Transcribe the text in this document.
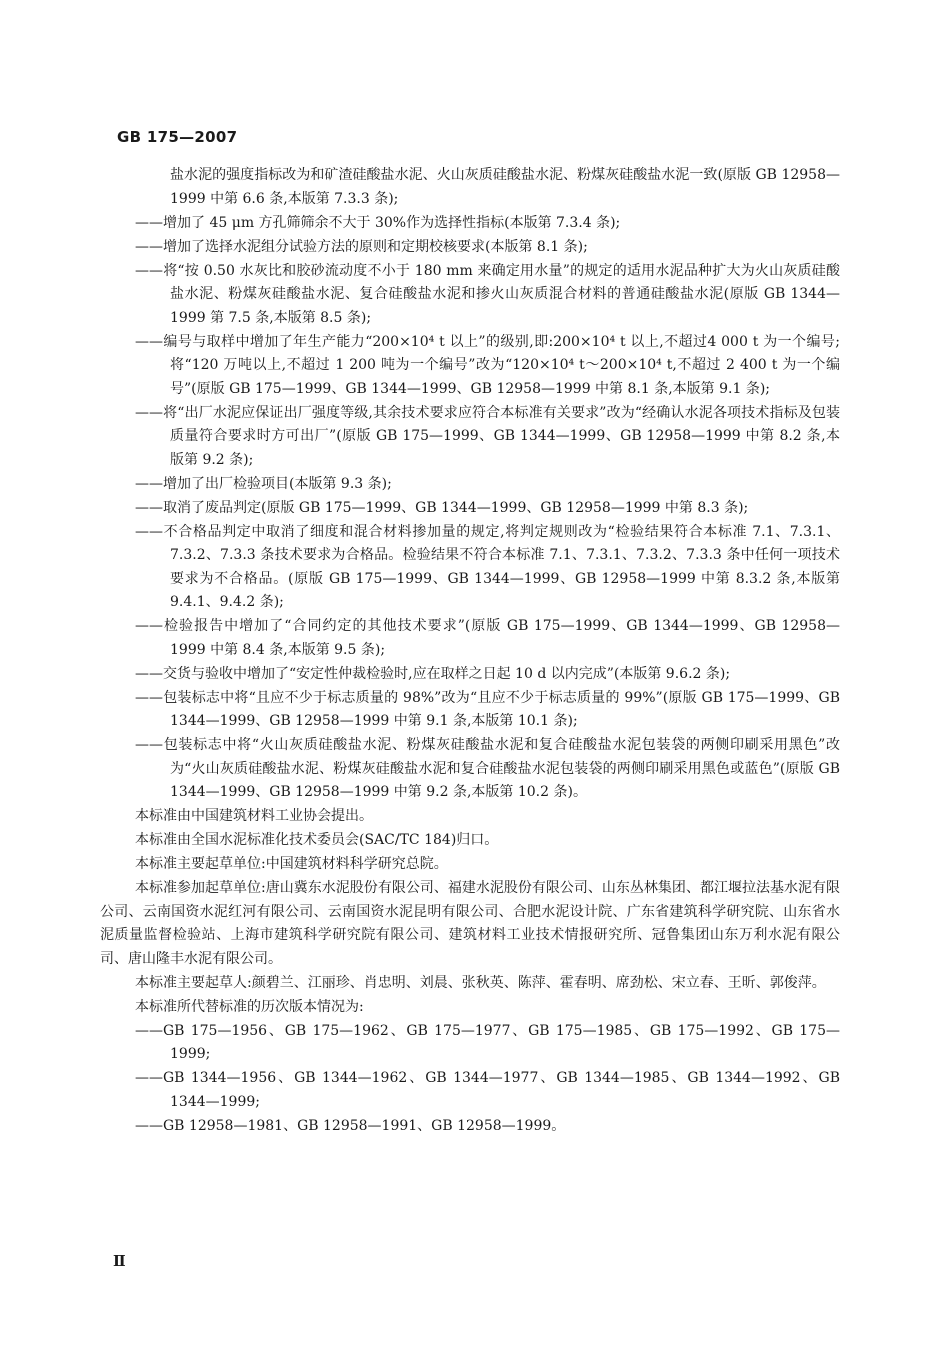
GB 175—2007
盐水泥的强度指标改为和矿渣硅酸盐水泥、火山灰质硅酸盐水泥、粉煤灰硅酸盐水泥一致(原版 GB 12958—1999 中第 6.6 条,本版第 7.3.3 条);
——增加了 45 μm 方孔筛筛余不大于 30%作为选择性指标(本版第 7.3.4 条);
——增加了选择水泥组分试验方法的原则和定期校核要求(本版第 8.1 条);
——将“按 0.50 水灰比和胶砂流动度不小于 180 mm 来确定用水量”的规定的适用水泥品种扩大为火山灰质硅酸盐水泥、粉煤灰硅酸盐水泥、复合硅酸盐水泥和掺火山灰质混合材料的普通硅酸盐水泥(原版 GB 1344—1999 第 7.5 条,本版第 8.5 条);
——编号与取样中增加了年生产能力“200×10⁴ t 以上”的级别,即:200×10⁴ t 以上,不超过4 000 t 为一个编号;将“120 万吨以上,不超过 1 200 吨为一个编号”改为“120×10⁴ t～200×10⁴ t,不超过 2 400 t 为一个编号”(原版 GB 175—1999、GB 1344—1999、GB 12958—1999 中第 8.1 条,本版第 9.1 条);
——将“出厂水泥应保证出厂强度等级,其余技术要求应符合本标准有关要求”改为“经确认水泥各项技术指标及包装质量符合要求时方可出厂”(原版 GB 175—1999、GB 1344—1999、GB 12958—1999 中第 8.2 条,本版第 9.2 条);
——增加了出厂检验项目(本版第 9.3 条);
——取消了废品判定(原版 GB 175—1999、GB 1344—1999、GB 12958—1999 中第 8.3 条);
——不合格品判定中取消了细度和混合材料掺加量的规定,将判定规则改为“检验结果符合本标准 7.1、7.3.1、7.3.2、7.3.3 条技术要求为合格品。检验结果不符合本标准 7.1、7.3.1、7.3.2、7.3.3 条中任何一项技术要求为不合格品。(原版 GB 175—1999、GB 1344—1999、GB 12958—1999 中第 8.3.2 条,本版第 9.4.1、9.4.2 条);
——检验报告中增加了“合同约定的其他技术要求”(原版 GB 175—1999、GB 1344—1999、GB 12958—1999 中第 8.4 条,本版第 9.5 条);
——交货与验收中增加了“安定性仲裁检验时,应在取样之日起 10 d 以内完成”(本版第 9.6.2 条);
——包装标志中将“且应不少于标志质量的 98%”改为“且应不少于标志质量的 99%”(原版 GB 175—1999、GB 1344—1999、GB 12958—1999 中第 9.1 条,本版第 10.1 条);
——包装标志中将“火山灰质硅酸盐水泥、粉煤灰硅酸盐水泥和复合硅酸盐水泥包装袋的两侧印刷采用黑色”改为“火山灰质硅酸盐水泥、粉煤灰硅酸盐水泥和复合硅酸盐水泥包装袋的两侧印刷采用黑色或蓝色”(原版 GB 1344—1999、GB 12958—1999 中第 9.2 条,本版第 10.2 条)。
本标准由中国建筑材料工业协会提出。
本标准由全国水泥标准化技术委员会(SAC/TC 184)归口。
本标准主要起草单位:中国建筑材料科学研究总院。
本标准参加起草单位:唐山冀东水泥股份有限公司、福建水泥股份有限公司、山东丛林集团、都江堰拉法基水泥有限公司、云南国资水泥红河有限公司、云南国资水泥昆明有限公司、合肥水泥设计院、广东省建筑科学研究院、山东省水泥质量监督检验站、上海市建筑科学研究院有限公司、建筑材料工业技术情报研究所、冠鲁集团山东万利水泥有限公司、唐山隆丰水泥有限公司。
本标准主要起草人:颜碧兰、江丽珍、肖忠明、刘晨、张秋英、陈萍、霍春明、席劲松、宋立春、王昕、郭俊萍。
本标准所代替标准的历次版本情况为:
——GB 175—1956、GB 175—1962、GB 175—1977、GB 175—1985、GB 175—1992、GB 175—1999;
——GB 1344—1956、GB 1344—1962、GB 1344—1977、GB 1344—1985、GB 1344—1992、GB 1344—1999;
——GB 12958—1981、GB 12958—1991、GB 12958—1999。
Ⅱ
